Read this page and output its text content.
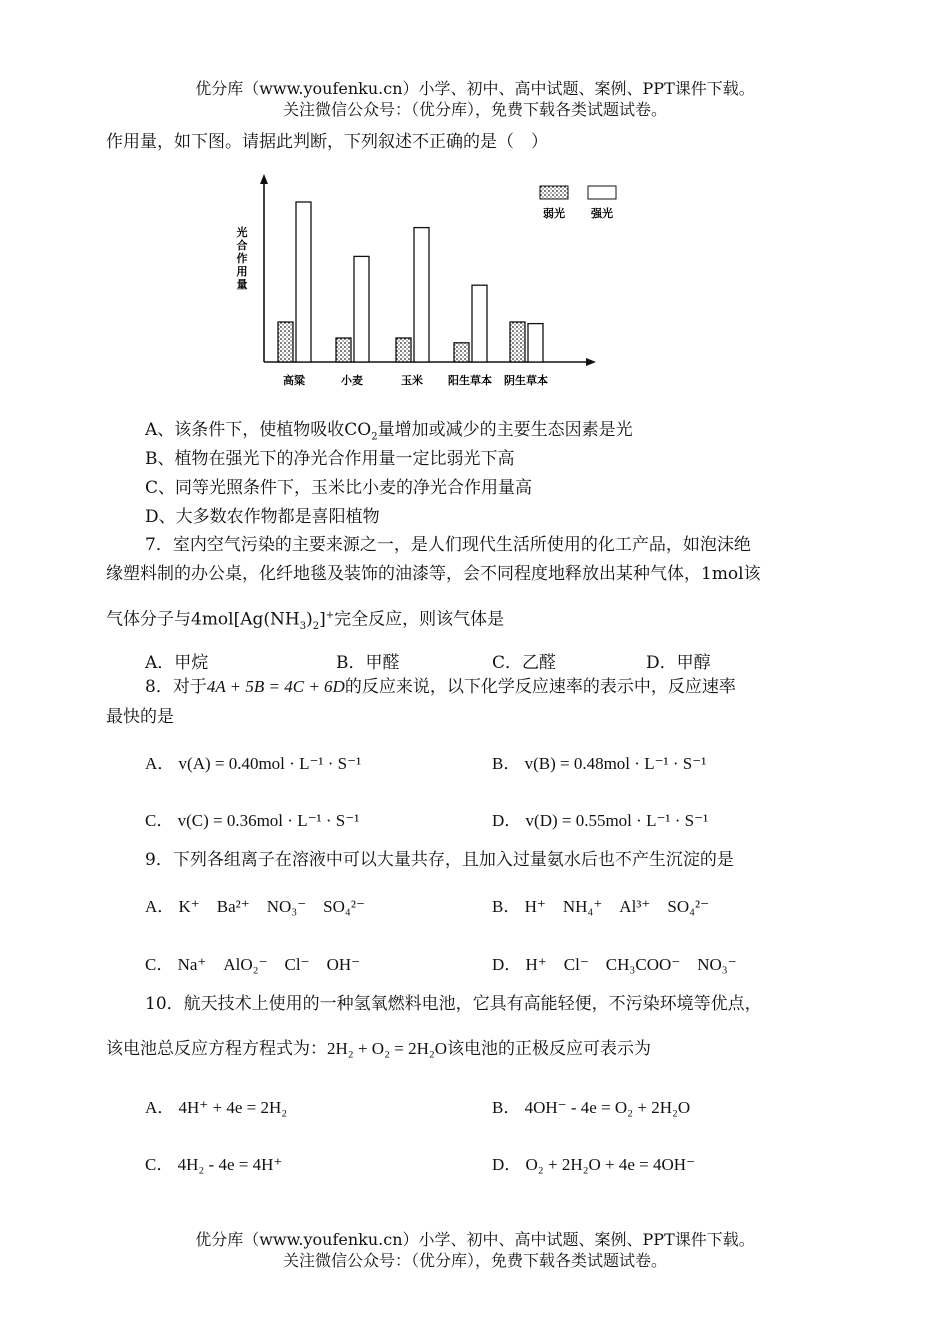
优分库（www.youfenku.cn）小学、初中、高中试题、案例、PPT课件下载。
关注微信公众号：（优分库），免费下载各类试题试卷。
作用量，如下图。请据此判断，下列叙述不正确的是（　）
光
合
作
用
量
高粱	小麦	玉米 阳生草本 阴生草本
弱光 强光
A、该条件下，使植物吸收$CO_2$量增加或减少的主要生态因素是光
B、植物在强光下的净光合作用量一定比弱光下高
C、同等光照条件下，玉米比小麦的净光合作用量高
D、大多数农作物都是喜阳植物
7．室内空气污染的主要来源之一，是人们现代生活所使用的化工产品，如泡沫绝
缘塑料制的办公桌，化纤地毯及装饰的油漆等，会不同程度地释放出某种气体，1mol该
气体分子与$4mol[Ag(NH_3)_2]^+$完全反应，则该气体是
A．甲烷	B．甲醛	C．乙醛	D．甲醇
8．对于4A + 5B = 4C + 6D的反应来说，以下化学反应速率的表示中，反应速率
最快的是
A． v(A) = 0.40mol · L⁻¹ · S⁻¹	B． v(B) = 0.48mol · L⁻¹ · S⁻¹
C． v(C) = 0.36mol · L⁻¹ · S⁻¹	D． v(D) = 0.55mol · L⁻¹ · S⁻¹
9．下列各组离子在溶液中可以大量共存，且加入过量氨水后也不产生沉淀的是
A． K⁺　Ba²⁺　NO₃⁻　SO₄²⁻	B． H⁺　NH₄⁺　Al³⁺　SO₄²⁻
C． Na⁺　AlO₂⁻　Cl⁻　OH⁻	D． H⁺　Cl⁻　CH₃COO⁻　NO₃⁻
10．航天技术上使用的一种氢氧燃料电池，它具有高能轻便，不污染环境等优点，
该电池总反应方程方程式为：2H₂ + O₂ = 2H₂O该电池的正极反应可表示为
A． 4H⁺ + 4e = 2H₂	B． 4OH⁻ - 4e = O₂ + 2H₂O
C． 4H₂ - 4e = 4H⁺	D． O₂ + 2H₂O + 4e = 4OH⁻
优分库（www.youfenku.cn）小学、初中、高中试题、案例、PPT课件下载。
关注微信公众号：（优分库），免费下载各类试题试卷。
